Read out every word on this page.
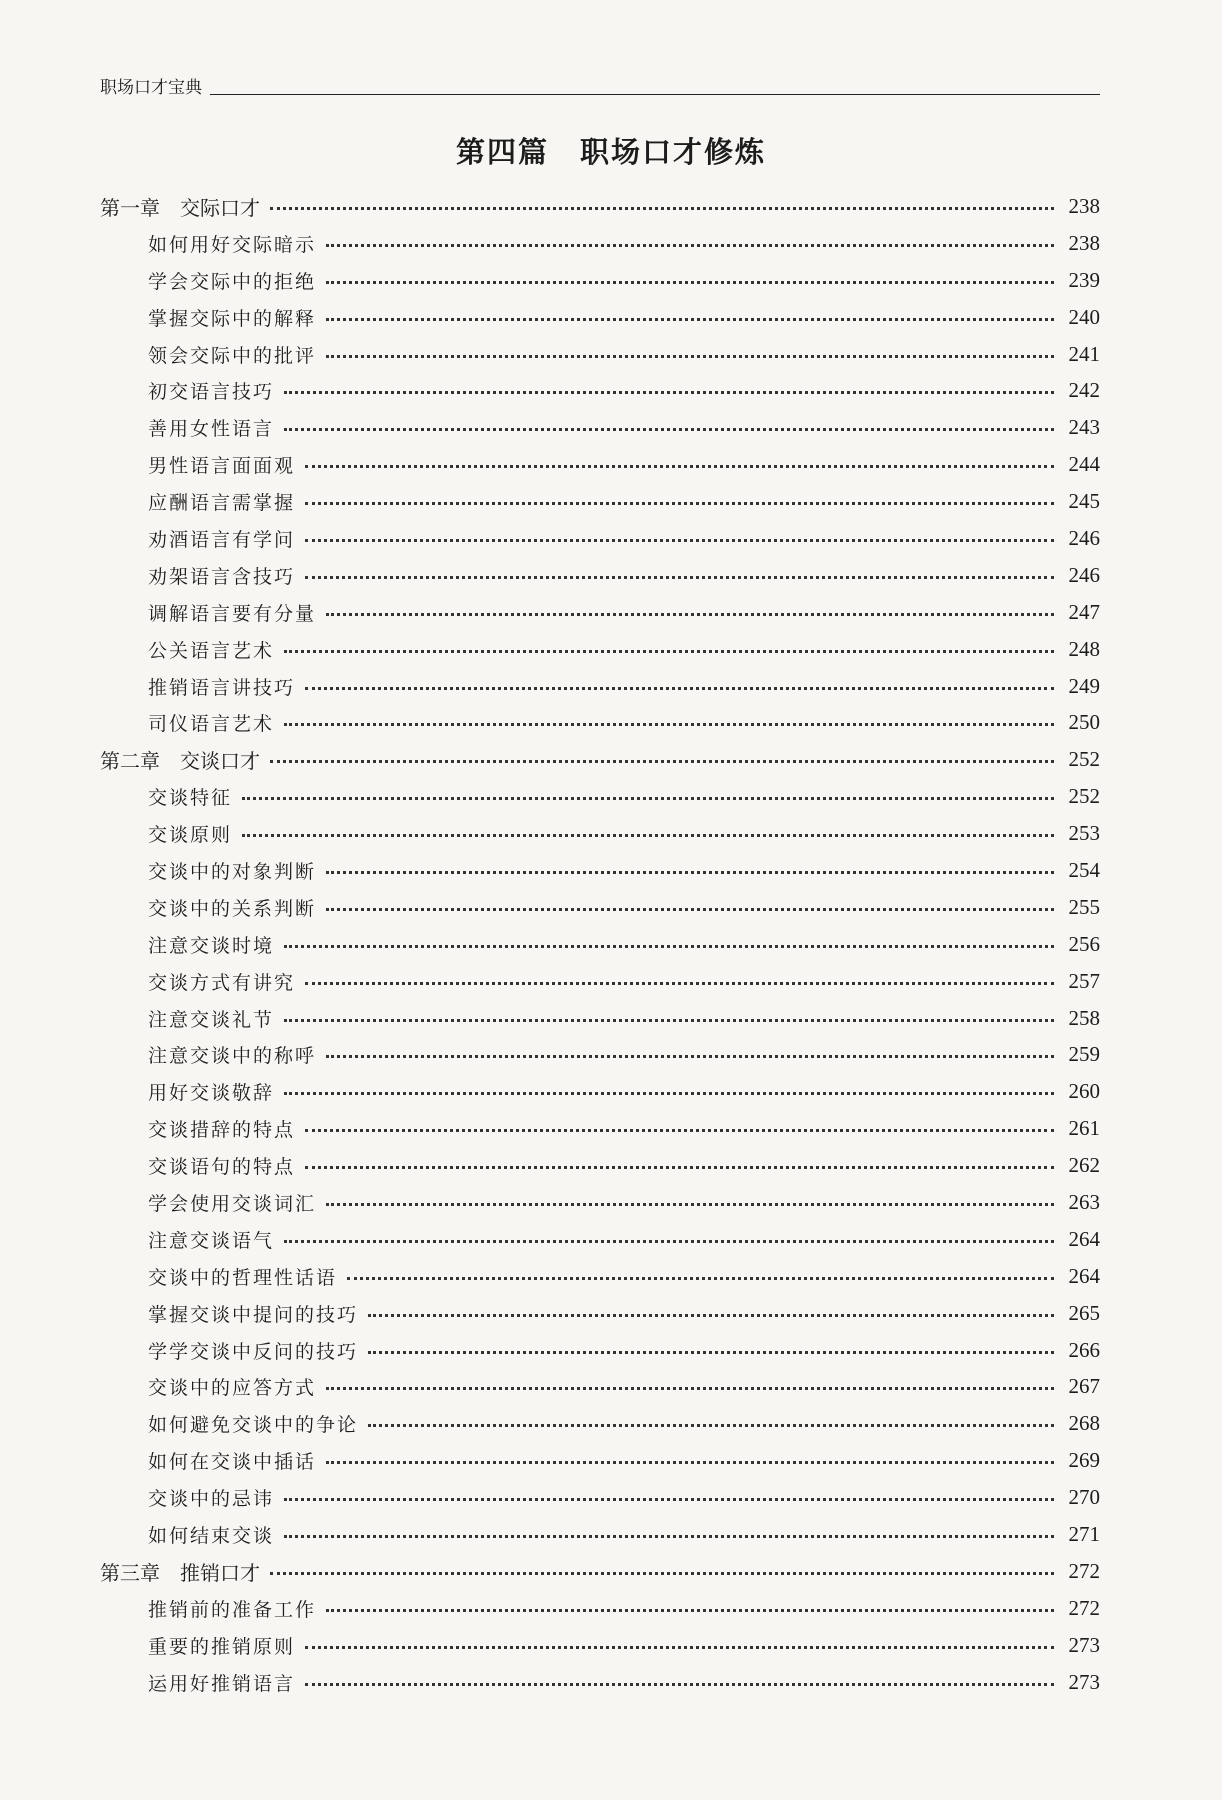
职场口才宝典
第四篇　职场口才修炼
第一章　交际口才	238
如何用好交际暗示	238
学会交际中的拒绝	239
掌握交际中的解释	240
领会交际中的批评	241
初交语言技巧	242
善用女性语言	243
男性语言面面观	244
应酬语言需掌握	245
劝酒语言有学问	246
劝架语言含技巧	246
调解语言要有分量	247
公关语言艺术	248
推销语言讲技巧	249
司仪语言艺术	250
第二章　交谈口才	252
交谈特征	252
交谈原则	253
交谈中的对象判断	254
交谈中的关系判断	255
注意交谈时境	256
交谈方式有讲究	257
注意交谈礼节	258
注意交谈中的称呼	259
用好交谈敬辞	260
交谈措辞的特点	261
交谈语句的特点	262
学会使用交谈词汇	263
注意交谈语气	264
交谈中的哲理性话语	264
掌握交谈中提问的技巧	265
学学交谈中反问的技巧	266
交谈中的应答方式	267
如何避免交谈中的争论	268
如何在交谈中插话	269
交谈中的忌讳	270
如何结束交谈	271
第三章　推销口才	272
推销前的准备工作	272
重要的推销原则	273
运用好推销语言	273
